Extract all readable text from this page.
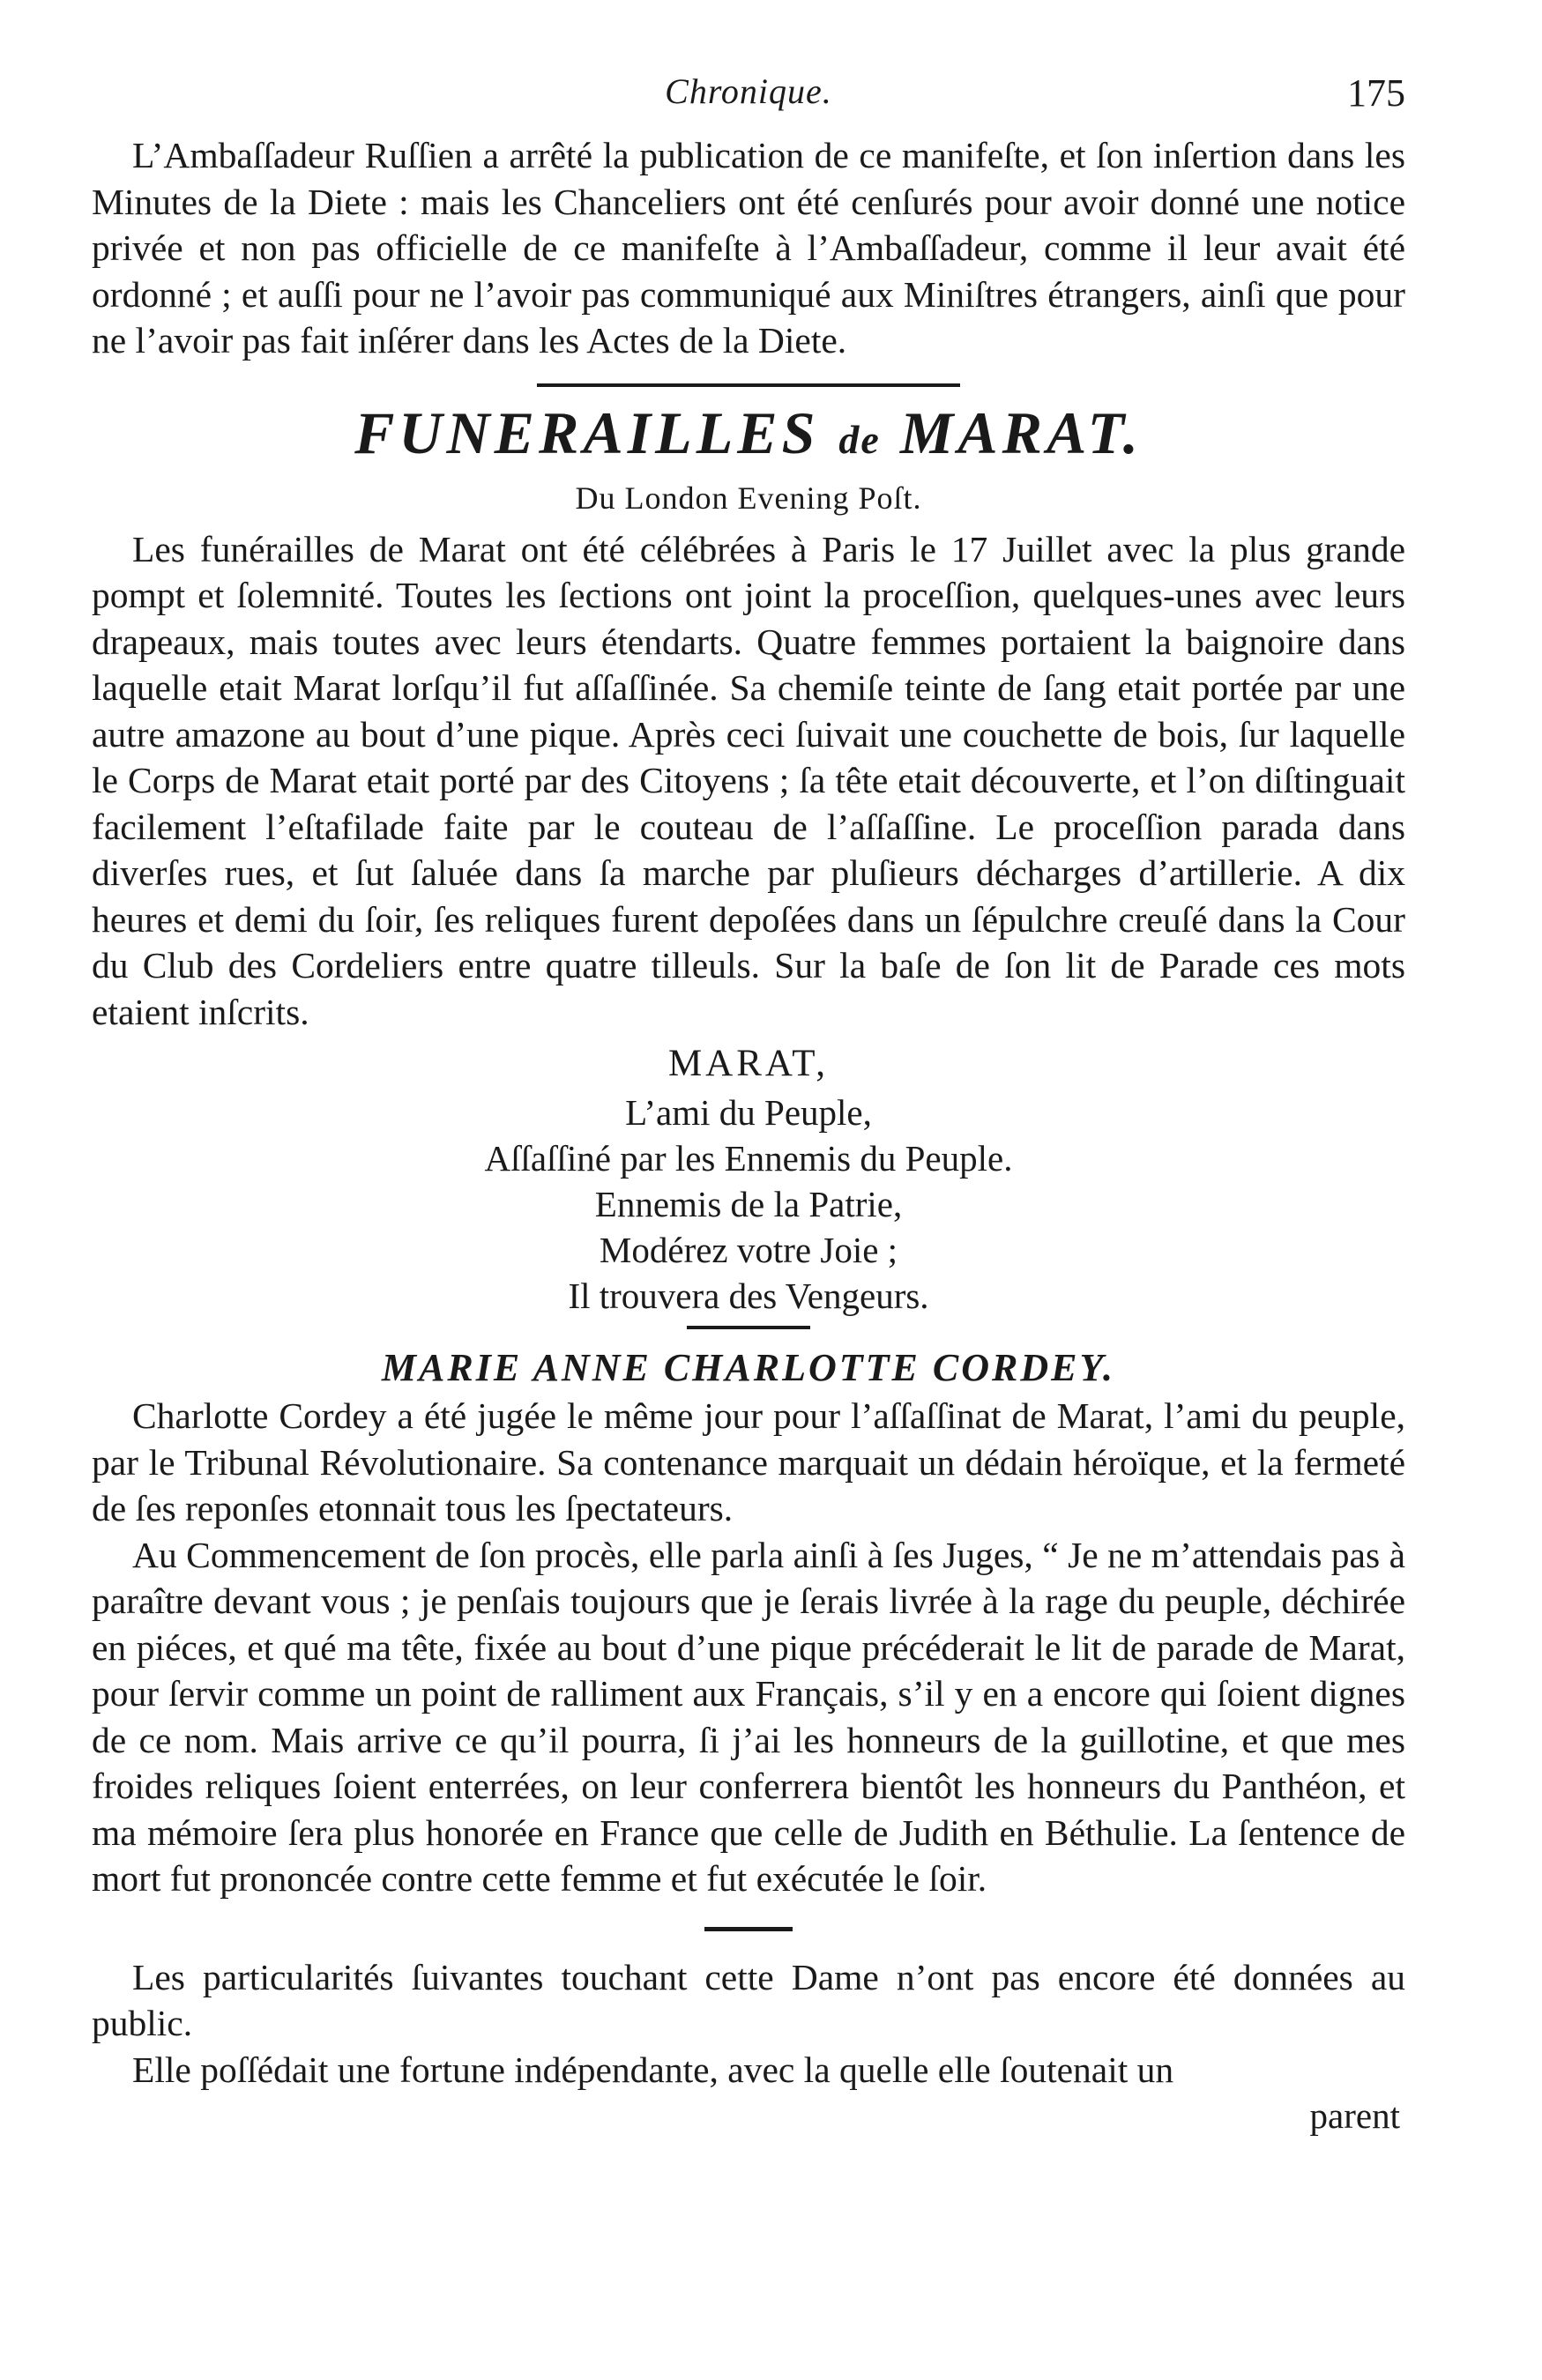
Chronique.	175

L’Ambaſſadeur Ruſſien a arrêté la publication de ce manifeſte, et ſon inſertion dans les Minutes de la Diete : mais les Chanceliers ont été cenſurés pour avoir donné une notice privée et non pas officielle de ce manifeſte à l’Ambaſſadeur, comme il leur avait été ordonné ; et auſſi pour ne l’avoir pas communiqué aux Miniſtres étrangers, ainſi que pour ne l’avoir pas fait inſérer dans les Actes de la Diete.

FUNERAILLES de MARAT.
Du London Evening Poſt.

Les funérailles de Marat ont été célébrées à Paris le 17 Juillet avec la plus grande pompt et ſolemnité. Toutes les ſections ont joint la proceſſion, quelques-unes avec leurs drapeaux, mais toutes avec leurs étendarts. Quatre femmes portaient la baignoire dans laquelle etait Marat lorſqu’il fut aſſaſſinée. Sa chemiſe teinte de ſang etait portée par une autre amazone au bout d’une pique. Après ceci ſuivait une couchette de bois, ſur laquelle le Corps de Marat etait porté par des Citoyens ; ſa tête etait découverte, et l’on diſtinguait facilement l’eſtafilade faite par le couteau de l’aſſaſſine. Le proceſſion parada dans diverſes rues, et ſut ſaluée dans ſa marche par pluſieurs décharges d’artillerie. A dix heures et demi du ſoir, ſes reliques furent depoſées dans un ſépulchre creuſé dans la Cour du Club des Cordeliers entre quatre tilleuls. Sur la baſe de ſon lit de Parade ces mots etaient inſcrits.

MARAT,
L’ami du Peuple,
Aſſaſſiné par les Ennemis du Peuple.
Ennemis de la Patrie,
Modérez votre Joie ;
Il trouvera des Vengeurs.
MARIE ANNE CHARLOTTE CORDEY.

Charlotte Cordey a été jugée le même jour pour l’aſſaſſinat de Marat, l’ami du peuple, par le Tribunal Révolutionaire. Sa contenance marquait un dédain héroïque, et la fermeté de ſes reponſes etonnait tous les ſpectateurs.

Au Commencement de ſon procès, elle parla ainſi à ſes Juges, “ Je ne m’attendais pas à paraître devant vous ; je penſais toujours que je ſerais livrée à la rage du peuple, déchirée en piéces, et qué ma tête, fixée au bout d’une pique précéderait le lit de parade de Marat, pour ſervir comme un point de ralliment aux Français, s’il y en a encore qui ſoient dignes de ce nom. Mais arrive ce qu’il pourra, ſi j’ai les honneurs de la guillotine, et que mes froides reliques ſoient enterrées, on leur conferrera bientôt les honneurs du Panthéon, et ma mémoire ſera plus honorée en France que celle de Judith en Béthulie. La ſentence de mort fut prononcée contre cette femme et fut exécutée le ſoir.

Les particularités ſuivantes touchant cette Dame n’ont pas encore été données au public.

Elle poſſédait une fortune indépendante, avec la quelle elle ſoutenait un

parent
